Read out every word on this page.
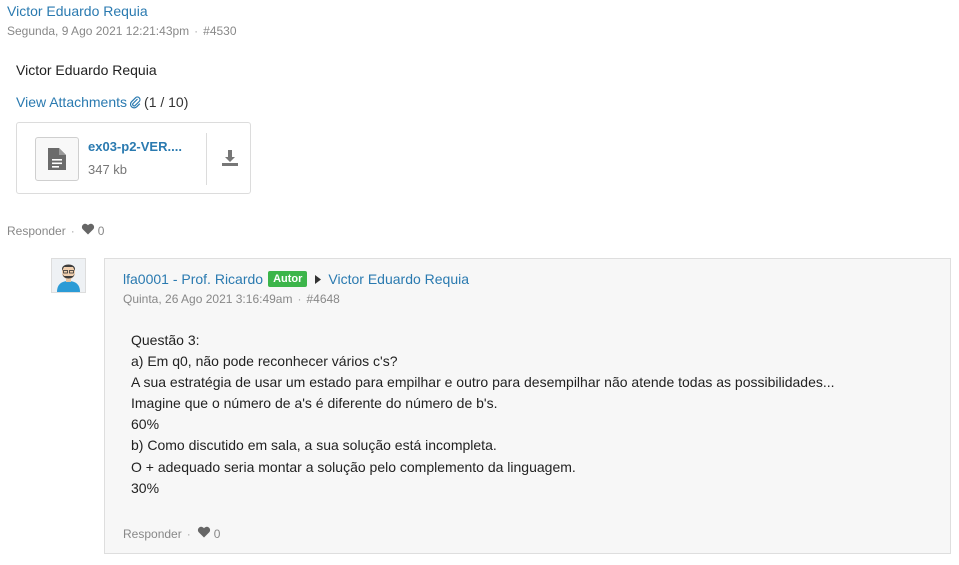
Victor Eduardo Requia
Segunda, 9 Ago 2021 12:21:43pm · #4530
Victor Eduardo Requia
View Attachments (1 / 10)
ex03-p2-VER....
347 kb
Responder · 0
lfa0001 - Prof. Ricardo Autor	Victor Eduardo Requia
Quinta, 26 Ago 2021 3:16:49am · #4648

Questão 3:

a) Em q0, não pode reconhecer vários c's?

A sua estratégia de usar um estado para empilhar e outro para desempilhar não atende todas as possibilidades...

Imagine que o número de a's é diferente do número de b's.

60%

b) Como discutido em sala, a sua solução está incompleta.

O + adequado seria montar a solução pelo complemento da linguagem.

30%

Responder · 0
